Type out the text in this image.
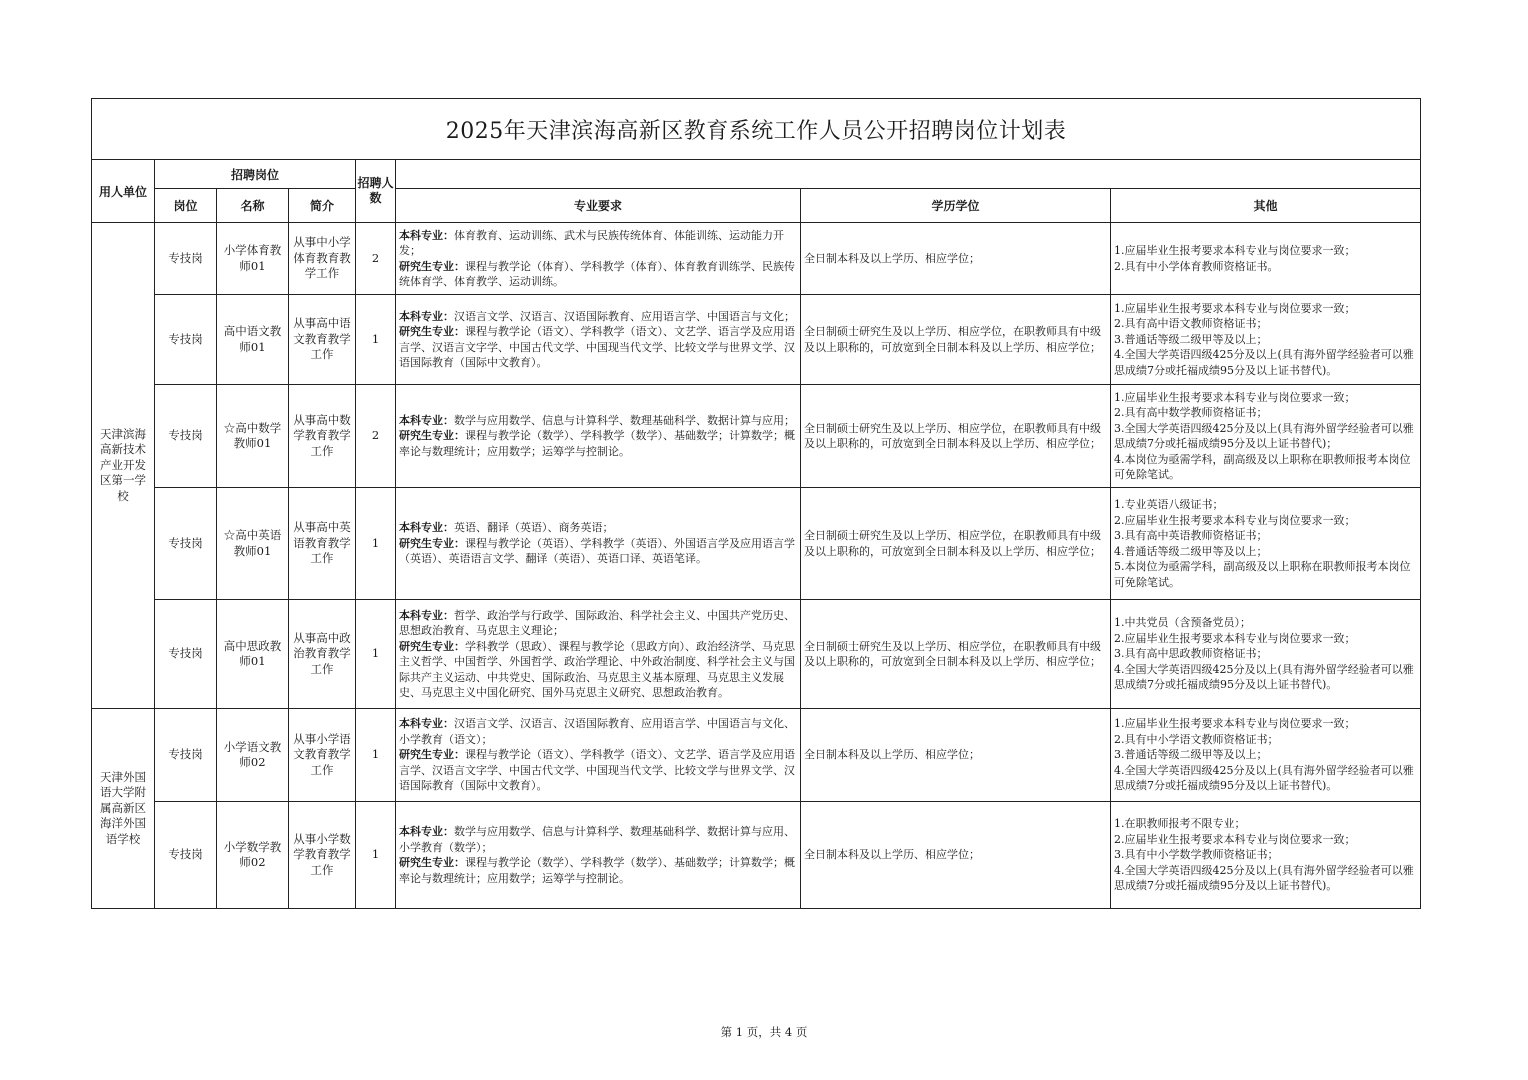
2025年天津滨海高新区教育系统工作人员公开招聘岗位计划表							
用人单位	招聘岗位			招聘人数			
	岗位	名称	简介		专业要求	学历学位	其他
天津滨海高新技术产业开发区第一学校	专技岗	小学体育教师01	从事中小学体育教育教学工作	2	本科专业：体育教育、运动训练、武术与民族传统体育、体能训练、运动能力开发；
研究生专业：课程与教学论（体育）、学科教学（体育）、体育教育训练学、民族传统体育学、体育教学、运动训练。	全日制本科及以上学历、相应学位；	1.应届毕业生报考要求本科专业与岗位要求一致；
2.具有中小学体育教师资格证书。

	专技岗	高中语文教师01	从事高中语文教育教学工作	1	本科专业：汉语言文学、汉语言、汉语国际教育、应用语言学、中国语言与文化；
研究生专业：课程与教学论（语文）、学科教学（语文）、文艺学、语言学及应用语言学、汉语言文字学、中国古代文学、中国现当代文学、比较文学与世界文学、汉语国际教育（国际中文教育）。	全日制硕士研究生及以上学历、相应学位，在职教师具有中级及以上职称的，可放宽到全日制本科及以上学历、相应学位；	1.应届毕业生报考要求本科专业与岗位要求一致；
2.具有高中语文教师资格证书；
3.普通话等级二级甲等及以上；
4.全国大学英语四级425分及以上(具有海外留学经验者可以雅思成绩7分或托福成绩95分及以上证书替代)。

	专技岗	☆高中数学教师01	从事高中数学教育教学工作	2	本科专业：数学与应用数学、信息与计算科学、数理基础科学、数据计算与应用；
研究生专业：课程与教学论（数学）、学科教学（数学）、基础数学；计算数学；概率论与数理统计；应用数学；运筹学与控制论。	全日制硕士研究生及以上学历、相应学位，在职教师具有中级及以上职称的，可放宽到全日制本科及以上学历、相应学位；	1.应届毕业生报考要求本科专业与岗位要求一致；
2.具有高中数学教师资格证书；
3.全国大学英语四级425分及以上(具有海外留学经验者可以雅思成绩7分或托福成绩95分及以上证书替代)；
4.本岗位为亟需学科，副高级及以上职称在职教师报考本岗位可免除笔试。

	专技岗	☆高中英语教师01	从事高中英语教育教学工作	1	本科专业：英语、翻译（英语）、商务英语；
研究生专业：课程与教学论（英语）、学科教学（英语）、外国语言学及应用语言学（英语）、英语语言文学、翻译（英语）、英语口译、英语笔译。	全日制硕士研究生及以上学历、相应学位，在职教师具有中级及以上职称的，可放宽到全日制本科及以上学历、相应学位；	1.专业英语八级证书；
2.应届毕业生报考要求本科专业与岗位要求一致；
3.具有高中英语教师资格证书；
4.普通话等级二级甲等及以上；
5.本岗位为亟需学科，副高级及以上职称在职教师报考本岗位可免除笔试。

	专技岗	高中思政教师01	从事高中政治教育教学工作	1	本科专业：哲学、政治学与行政学、国际政治、科学社会主义、中国共产党历史、思想政治教育、马克思主义理论；
研究生专业：学科教学（思政）、课程与教学论（思政方向）、政治经济学、马克思主义哲学、中国哲学、外国哲学、政治学理论、中外政治制度、科学社会主义与国际共产主义运动、中共党史、国际政治、马克思主义基本原理、马克思主义发展史、马克思主义中国化研究、国外马克思主义研究、思想政治教育。	全日制硕士研究生及以上学历、相应学位，在职教师具有中级及以上职称的，可放宽到全日制本科及以上学历、相应学位；	1.中共党员（含预备党员）；
2.应届毕业生报考要求本科专业与岗位要求一致；
3.具有高中思政教师资格证书；
4.全国大学英语四级425分及以上(具有海外留学经验者可以雅思成绩7分或托福成绩95分及以上证书替代)。

天津外国语大学附属高新区海洋外国语学校	专技岗	小学语文教师02	从事小学语文教育教学工作	1	本科专业：汉语言文学、汉语言、汉语国际教育、应用语言学、中国语言与文化、小学教育（语文）；
研究生专业：课程与教学论（语文）、学科教学（语文）、文艺学、语言学及应用语言学、汉语言文字学、中国古代文学、中国现当代文学、比较文学与世界文学、汉语国际教育（国际中文教育）。	全日制本科及以上学历、相应学位；	1.应届毕业生报考要求本科专业与岗位要求一致；
2.具有中小学语文教师资格证书；
3.普通话等级二级甲等及以上；
4.全国大学英语四级425分及以上(具有海外留学经验者可以雅思成绩7分或托福成绩95分及以上证书替代)。

	专技岗	小学数学教师02	从事小学数学教育教学工作	1	本科专业：数学与应用数学、信息与计算科学、数理基础科学、数据计算与应用、小学教育（数学）；
研究生专业：课程与教学论（数学）、学科教学（数学）、基础数学；计算数学；概率论与数理统计；应用数学；运筹学与控制论。	全日制本科及以上学历、相应学位；	1.在职教师报考不限专业；
2.应届毕业生报考要求本科专业与岗位要求一致；
3.具有中小学数学教师资格证书；
4.全国大学英语四级425分及以上(具有海外留学经验者可以雅思成绩7分或托福成绩95分及以上证书替代)。
第 1 页，共 4 页
